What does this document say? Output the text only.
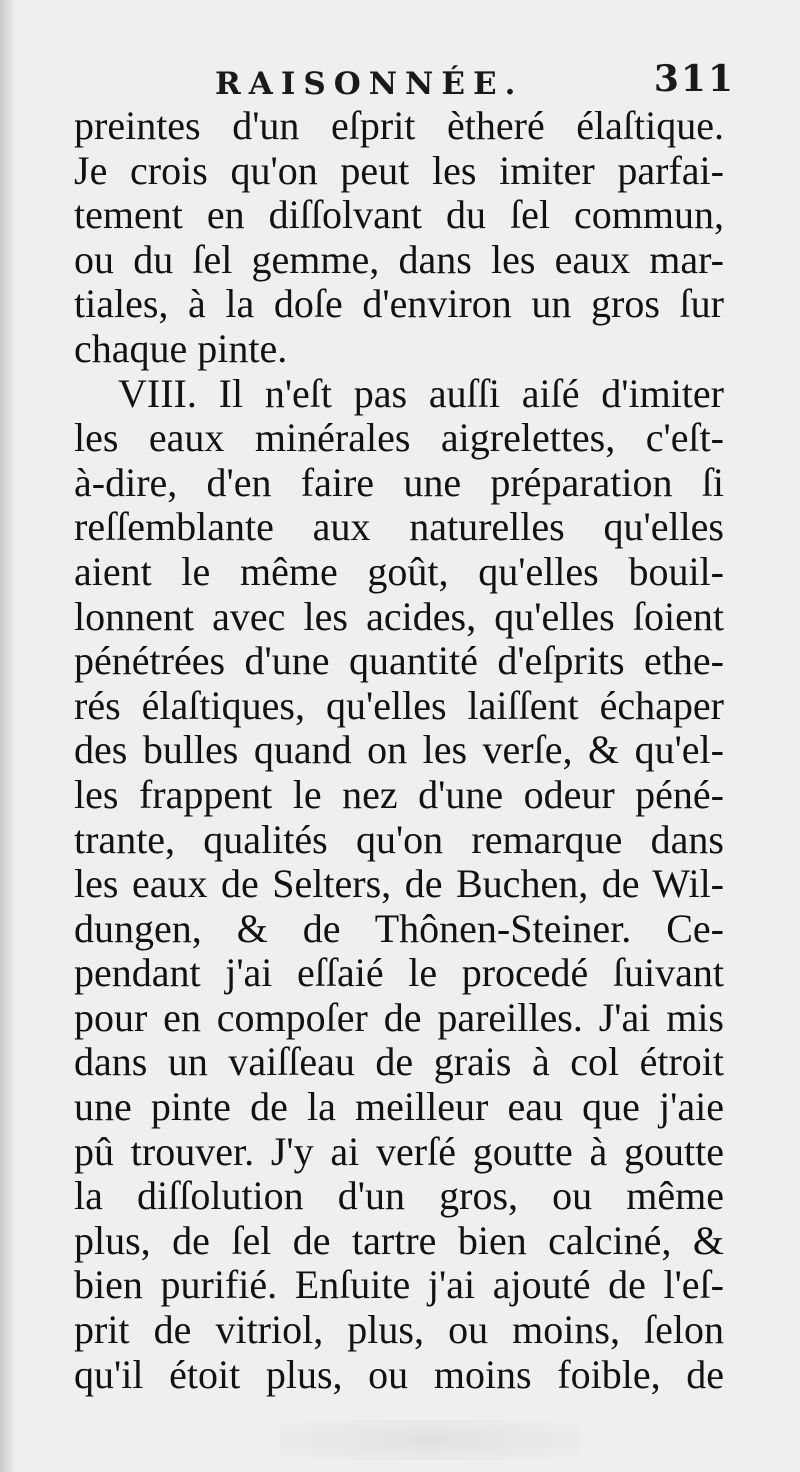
RAISONNÉE.	311
preintes d'un eſprit ètheré élaſtique.
Je crois qu'on peut les imiter parfai-
tement en diſſolvant du ſel commun,
ou du ſel gemme, dans les eaux mar-
tiales, à la doſe d'environ un gros ſur
chaque pinte.
VIII. Il n'eſt pas auſſi aiſé d'imiter
les eaux minérales aigrelettes, c'eſt-
à-dire, d'en faire une préparation ſi
reſſemblante aux naturelles qu'elles
aient le même goût, qu'elles bouil-
lonnent avec les acides, qu'elles ſoient
pénétrées d'une quantité d'eſprits ethe-
rés élaſtiques, qu'elles laiſſent échaper
des bulles quand on les verſe, & qu'el-
les frappent le nez d'une odeur péné-
trante, qualités qu'on remarque dans
les eaux de Selters, de Buchen, de Wil-
dungen, & de Thônen-Steiner. Ce-
pendant j'ai eſſaié le procedé ſuivant
pour en compoſer de pareilles. J'ai mis
dans un vaiſſeau de grais à col étroit
une pinte de la meilleur eau que j'aie
pû trouver. J'y ai verſé goutte à goutte
la diſſolution d'un gros, ou même
plus, de ſel de tartre bien calciné, &
bien purifié. Enſuite j'ai ajouté de l'eſ-
prit de vitriol, plus, ou moins, ſelon
qu'il étoit plus, ou moins foible, de
